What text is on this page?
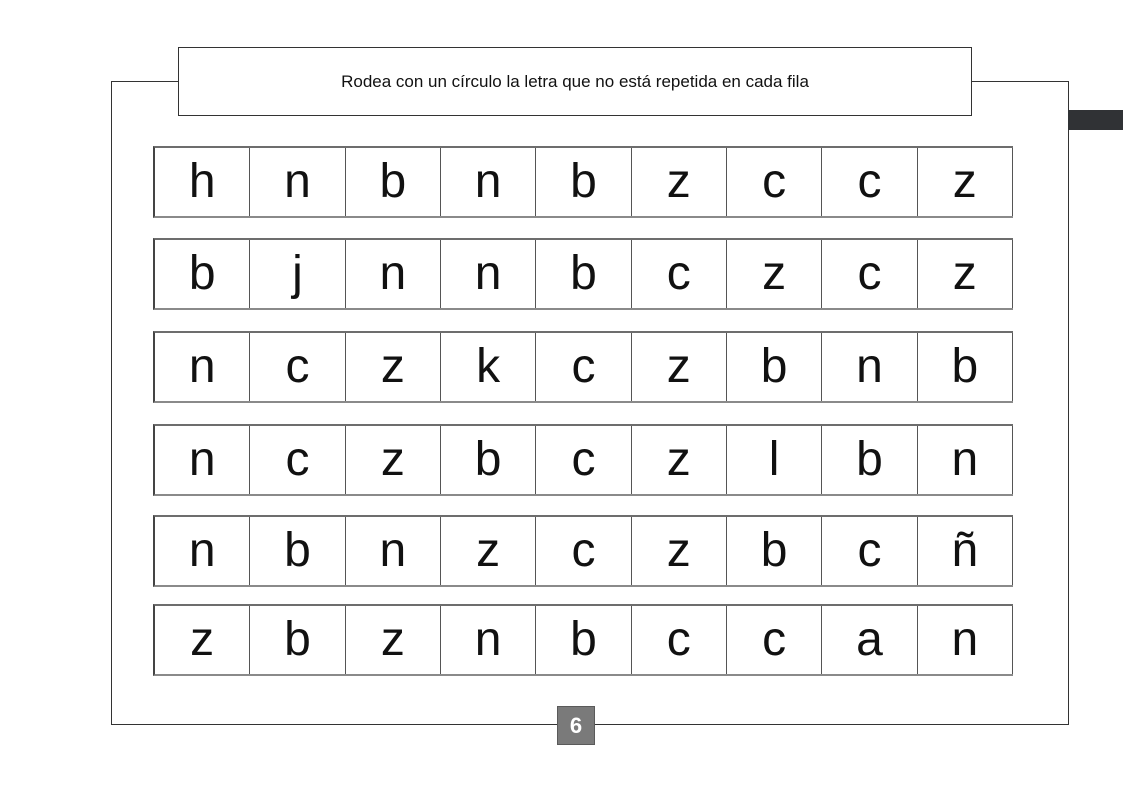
Rodea con un círculo la letra que no está repetida en cada fila
h	n	b	n	b	z	c	c	z
b	j	n	n	b	c	z	c	z
n	c	z	k	c	z	b	n	b
n	c	z	b	c	z	l	b	n
n	b	n	z	c	z	b	c	ñ
z	b	z	n	b	c	c	a	n
6
